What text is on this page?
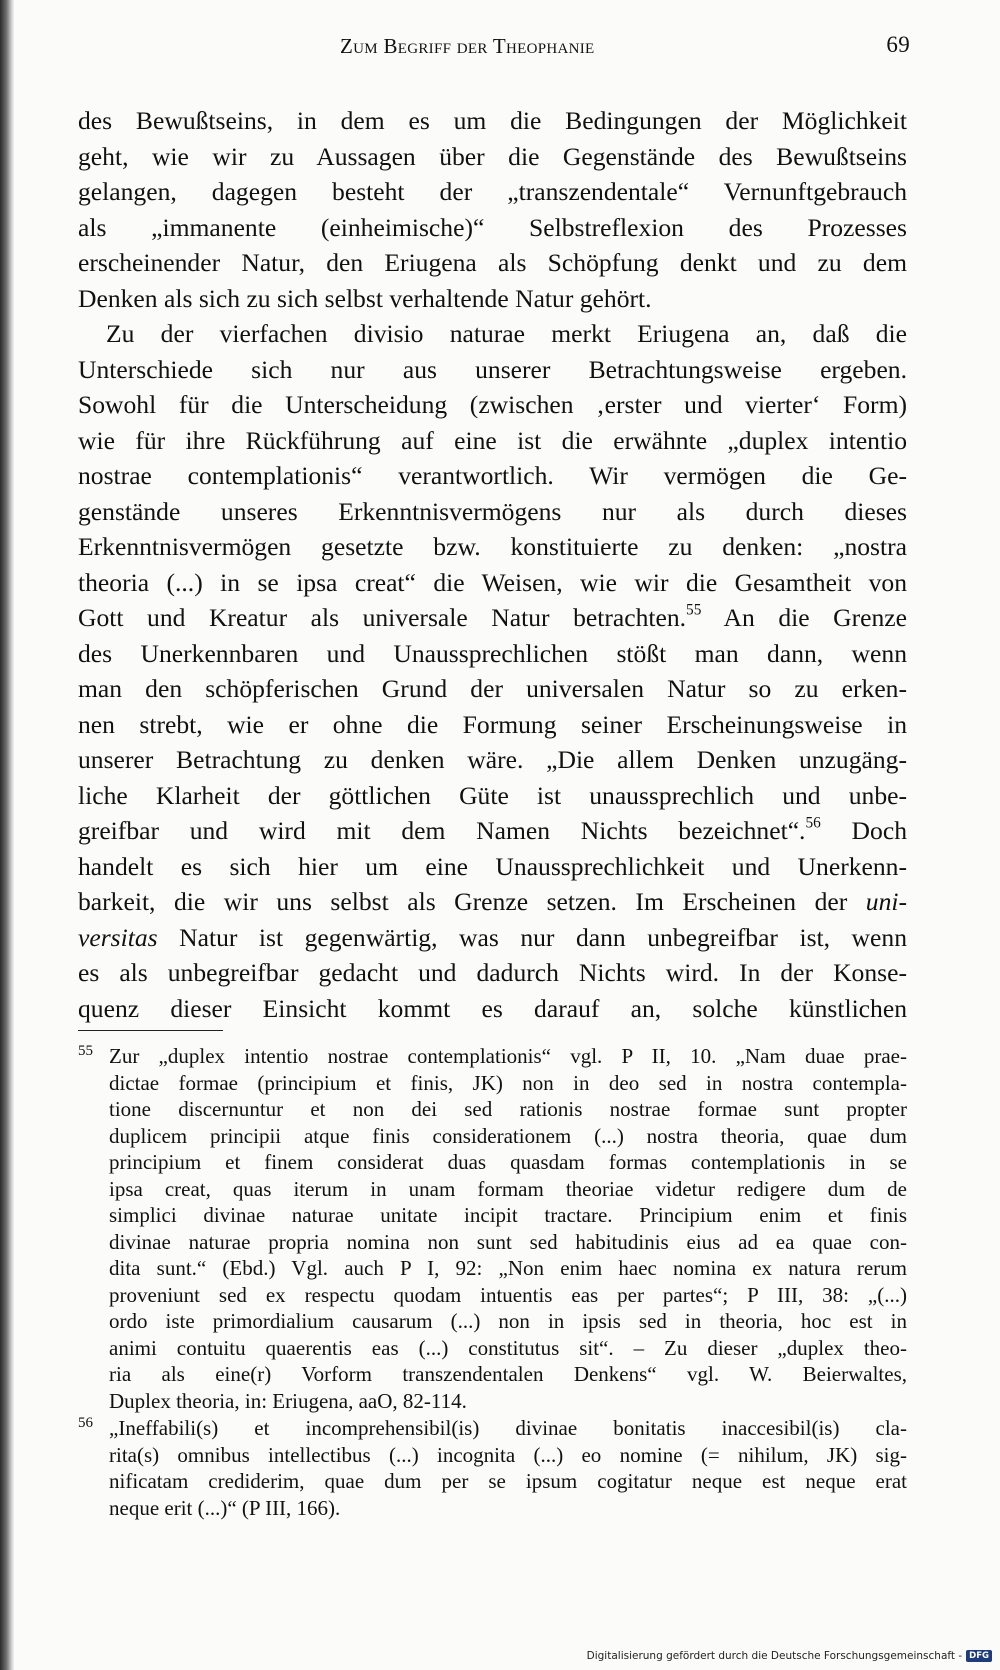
Zum Begriff der Theophanie	69
des Bewußtseins, in dem es um die Bedingungen der Möglichkeit
geht, wie wir zu Aussagen über die Gegenstände des Bewußtseins
gelangen, dagegen besteht der „transzendentale“ Vernunftgebrauch
als „immanente (einheimische)“ Selbstreflexion des Prozesses
erscheinender Natur, den Eriugena als Schöpfung denkt und zu dem
Denken als sich zu sich selbst verhaltende Natur gehört.
Zu der vierfachen divisio naturae merkt Eriugena an, daß die
Unterschiede sich nur aus unserer Betrachtungsweise ergeben.
Sowohl für die Unterscheidung (zwischen ‚erster und vierter‘ Form)
wie für ihre Rückführung auf eine ist die erwähnte „duplex intentio
nostrae contemplationis“ verantwortlich. Wir vermögen die Ge-
genstände unseres Erkenntnisvermögens nur als durch dieses
Erkenntnisvermögen gesetzte bzw. konstituierte zu denken: „nostra
theoria (...) in se ipsa creat“ die Weisen, wie wir die Gesamtheit von
Gott und Kreatur als universale Natur betrachten.$^{55}$ An die Grenze
des Unerkennbaren und Unaussprechlichen stößt man dann, wenn
man den schöpferischen Grund der universalen Natur so zu erken-
nen strebt, wie er ohne die Formung seiner Erscheinungsweise in
unserer Betrachtung zu denken wäre. „Die allem Denken unzugäng-
liche Klarheit der göttlichen Güte ist unaussprechlich und unbe-
greifbar und wird mit dem Namen Nichts bezeichnet“.$^{56}$ Doch
handelt es sich hier um eine Unaussprechlichkeit und Unerkenn-
barkeit, die wir uns selbst als Grenze setzen. Im Erscheinen der uni-
versitas Natur ist gegenwärtig, was nur dann unbegreifbar ist, wenn
es als unbegreifbar gedacht und dadurch Nichts wird. In der Konse-
quenz dieser Einsicht kommt es darauf an, solche künstlichen
55 Zur „duplex intentio nostrae contemplationis“ vgl. P II, 10. „Nam duae prae-
dictae formae (principium et finis, JK) non in deo sed in nostra contempla-
tione discernuntur et non dei sed rationis nostrae formae sunt propter
duplicem principii atque finis considerationem (...) nostra theoria, quae dum
principium et finem considerat duas quasdam formas contemplationis in se
ipsa creat, quas iterum in unam formam theoriae videtur redigere dum de
simplici divinae naturae unitate incipit tractare. Principium enim et finis
divinae naturae propria nomina non sunt sed habitudinis eius ad ea quae con-
dita sunt.“ (Ebd.) Vgl. auch P I, 92: „Non enim haec nomina ex natura rerum
proveniunt sed ex respectu quodam intuentis eas per partes“; P III, 38: „(...)
ordo iste primordialium causarum (...) non in ipsis sed in theoria, hoc est in
animi contuitu quaerentis eas (...) constitutus sit“. – Zu dieser „duplex theo-
ria als eine(r) Vorform transzendentalen Denkens“ vgl. W. Beierwaltes,
Duplex theoria, in: Eriugena, aaO, 82-114.
56 „Ineffabili(s) et incomprehensibil(is) divinae bonitatis inaccesibil(is) cla-
rita(s) omnibus intellectibus (...) incognita (...) eo nomine (= nihilum, JK) sig-
nificatam crediderim, quae dum per se ipsum cogitatur neque est neque erat
neque erit (...)“ (P III, 166).
Digitalisierung gefördert durch die Deutsche Forschungsgemeinschaft - DFG
